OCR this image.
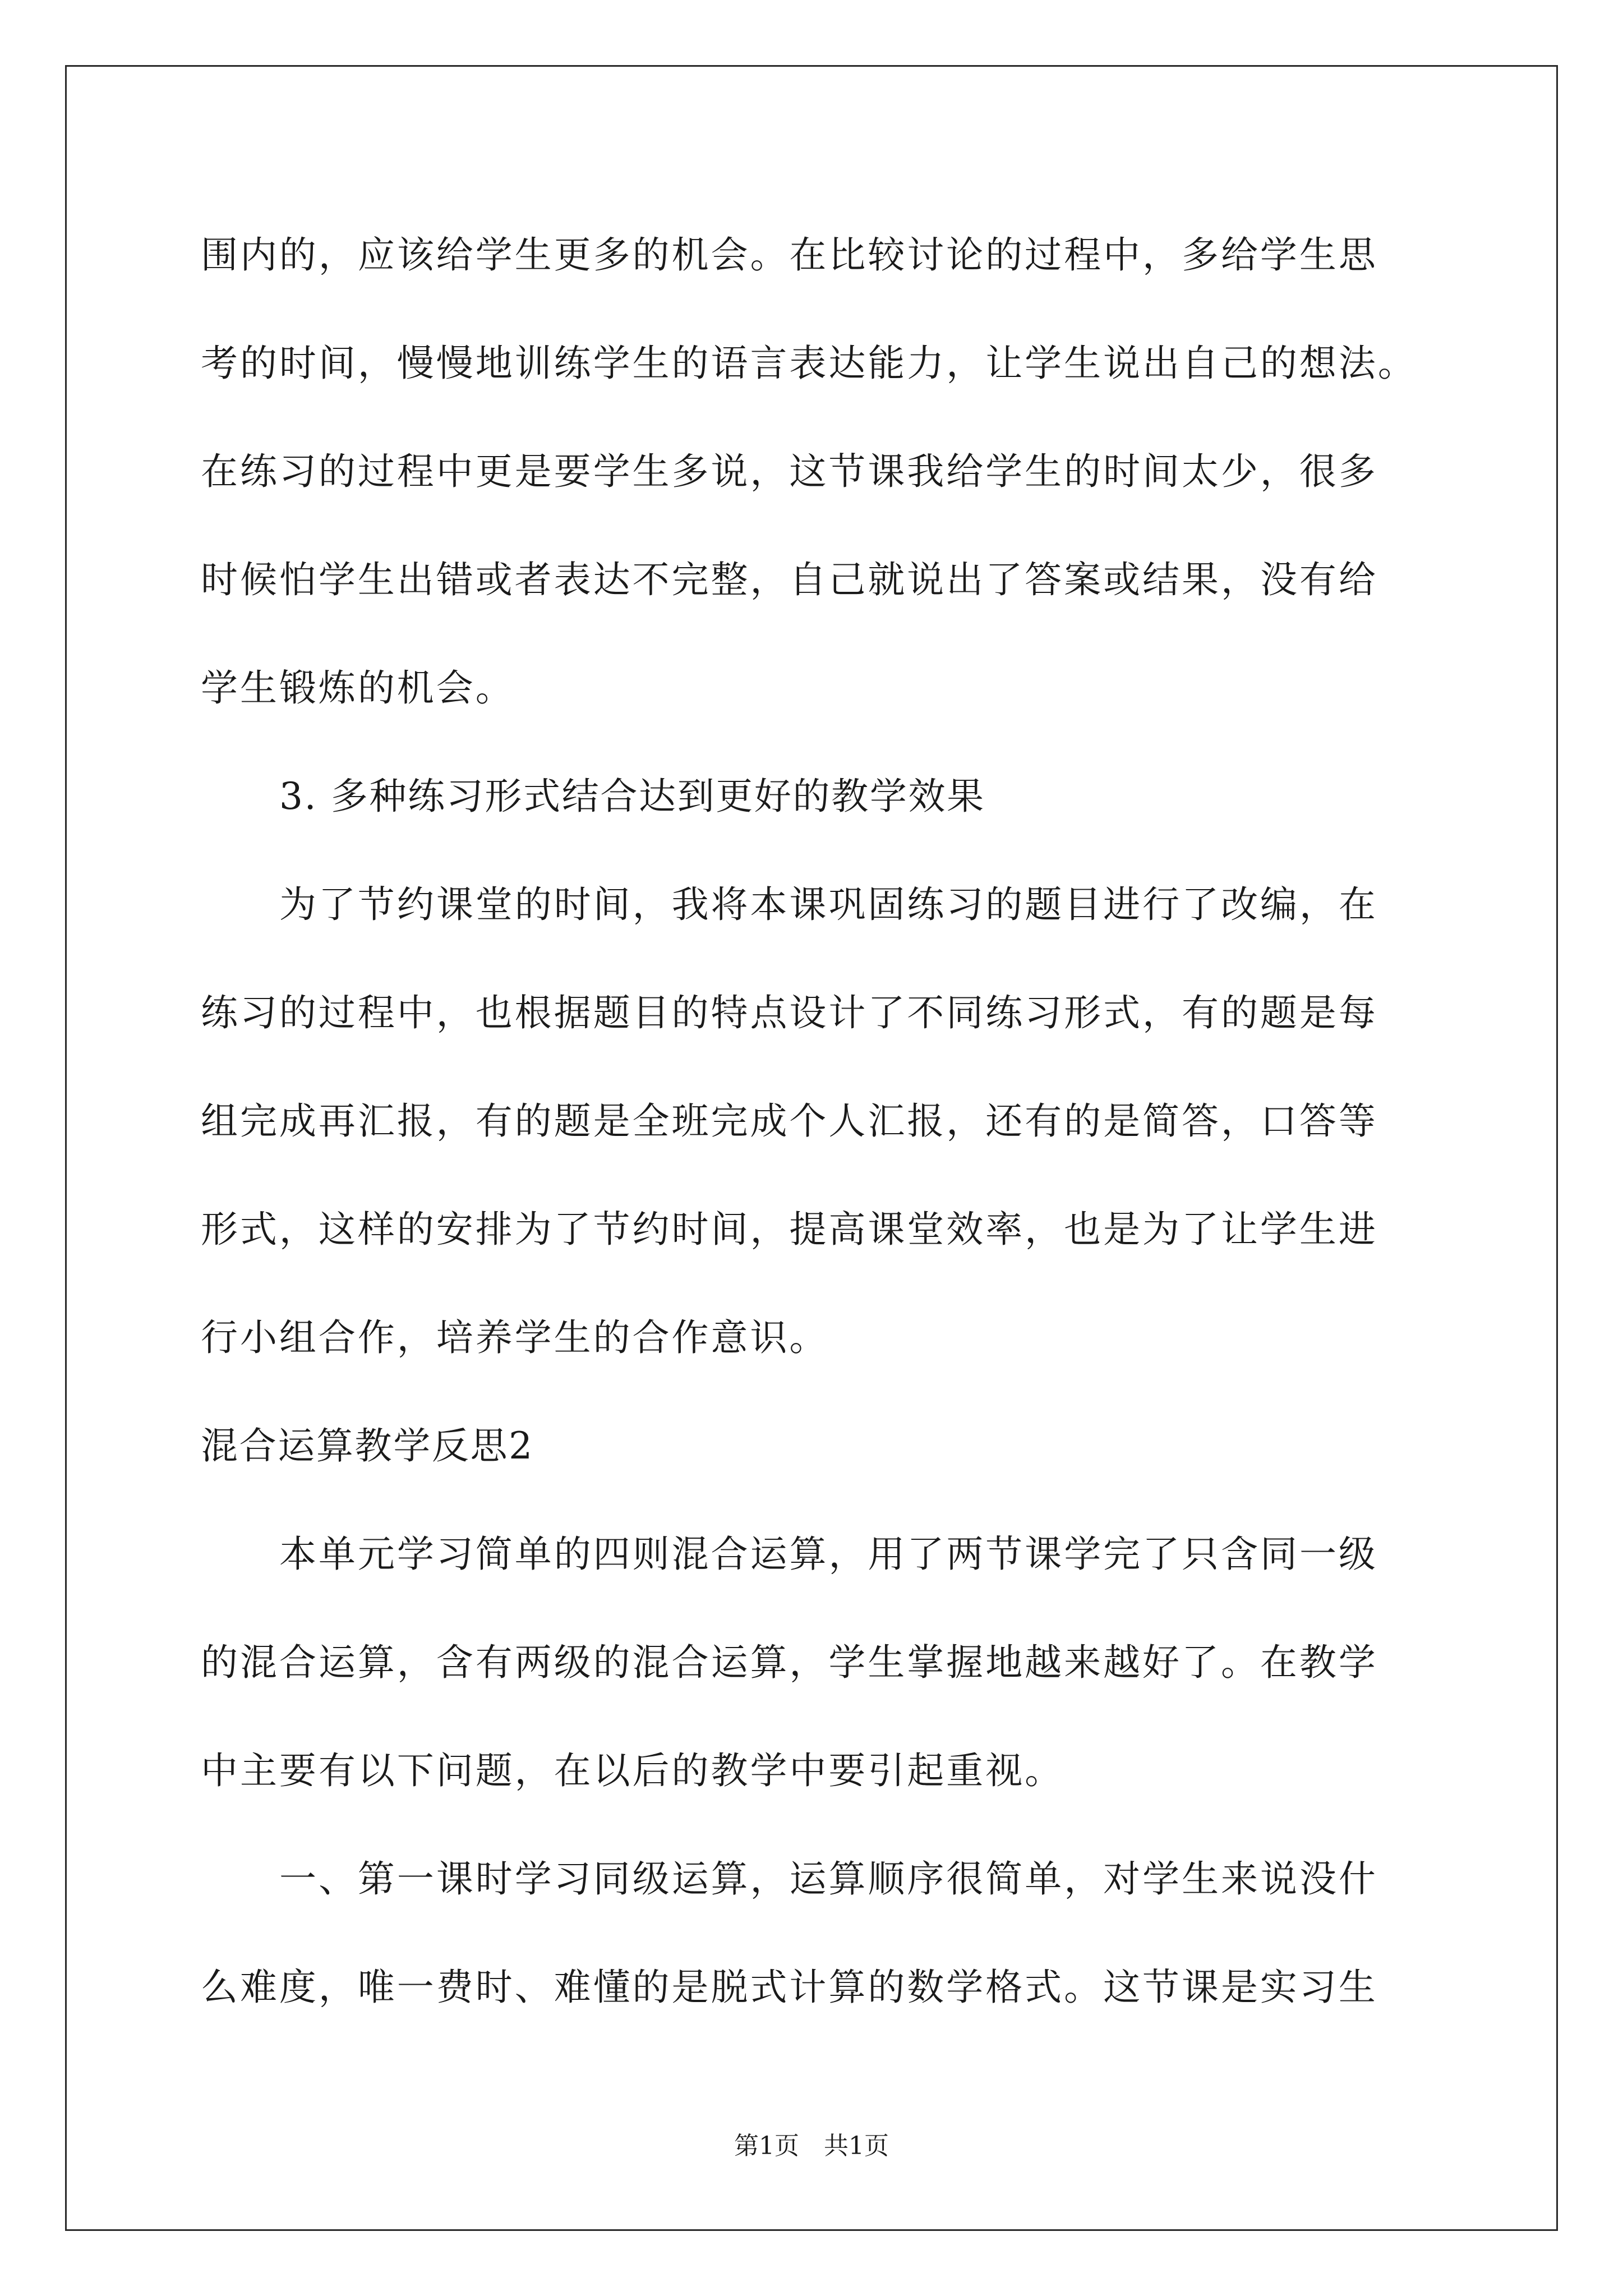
围内的，应该给学生更多的机会。在比较讨论的过程中，多给学生思
考的时间，慢慢地训练学生的语言表达能力，让学生说出自己的想法。
在练习的过程中更是要学生多说，这节课我给学生的时间太少，很多
时候怕学生出错或者表达不完整，自己就说出了答案或结果，没有给
学生锻炼的机会。
3. 多种练习形式结合达到更好的教学效果
为了节约课堂的时间，我将本课巩固练习的题目进行了改编，在
练习的过程中，也根据题目的特点设计了不同练习形式，有的题是每
组完成再汇报，有的题是全班完成个人汇报，还有的是简答，口答等
形式，这样的安排为了节约时间，提高课堂效率，也是为了让学生进
行小组合作，培养学生的合作意识。
混合运算教学反思2
本单元学习简单的四则混合运算，用了两节课学完了只含同一级
的混合运算，含有两级的混合运算，学生掌握地越来越好了。在教学
中主要有以下问题，在以后的教学中要引起重视。
一、第一课时学习同级运算，运算顺序很简单，对学生来说没什
么难度，唯一费时、难懂的是脱式计算的数学格式。这节课是实习生
第1页 共1页
